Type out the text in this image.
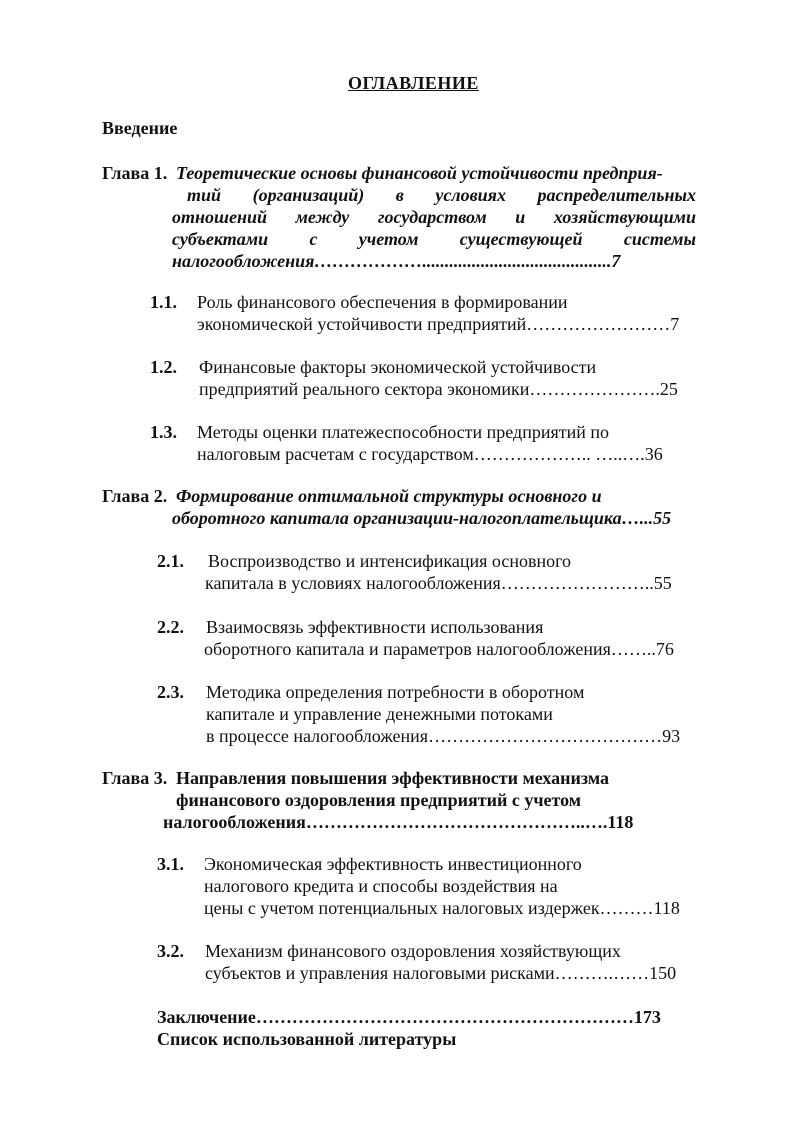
ОГЛАВЛЕНИЕ
Введение
Глава 1. Теоретические основы финансовой устойчивости предприя-
тий (организаций) в условиях распределительных
отношений между государством и хозяйствующими
субъектами с учетом существующей системы
налогообложения………………..........................................7
1.1. Роль финансового обеспечения в формировании
экономической устойчивости предприятий……………………7
1.2. Финансовые факторы экономической устойчивости
предприятий реального сектора экономики………………….25
1.3. Методы оценки платежеспособности предприятий по
налоговым расчетам с государством……………….. …..….36
Глава 2. Формирование оптимальной структуры основного и
оборотного капитала организации-налогоплательщика…...55
2.1. Воспроизводство и интенсификация основного
капитала в условиях налогообложения……………………..55
2.2. Взаимосвязь эффективности использования
оборотного капитала и параметров налогообложения……..76
2.3. Методика определения потребности в оборотном
капитале и управление денежными потоками
в процессе налогообложения…………………………………93
Глава 3. Направления повышения эффективности механизма
финансового оздоровления предприятий с учетом
налогообложения………………………………………..….118
3.1. Экономическая эффективность инвестиционного
налогового кредита и способы воздействия на
цены с учетом потенциальных налоговых издержек………118
3.2. Механизм финансового оздоровления хозяйствующих
субъектов и управления налоговыми рисками……….……150
Заключение………………………………………………………173
Список использованной литературы
